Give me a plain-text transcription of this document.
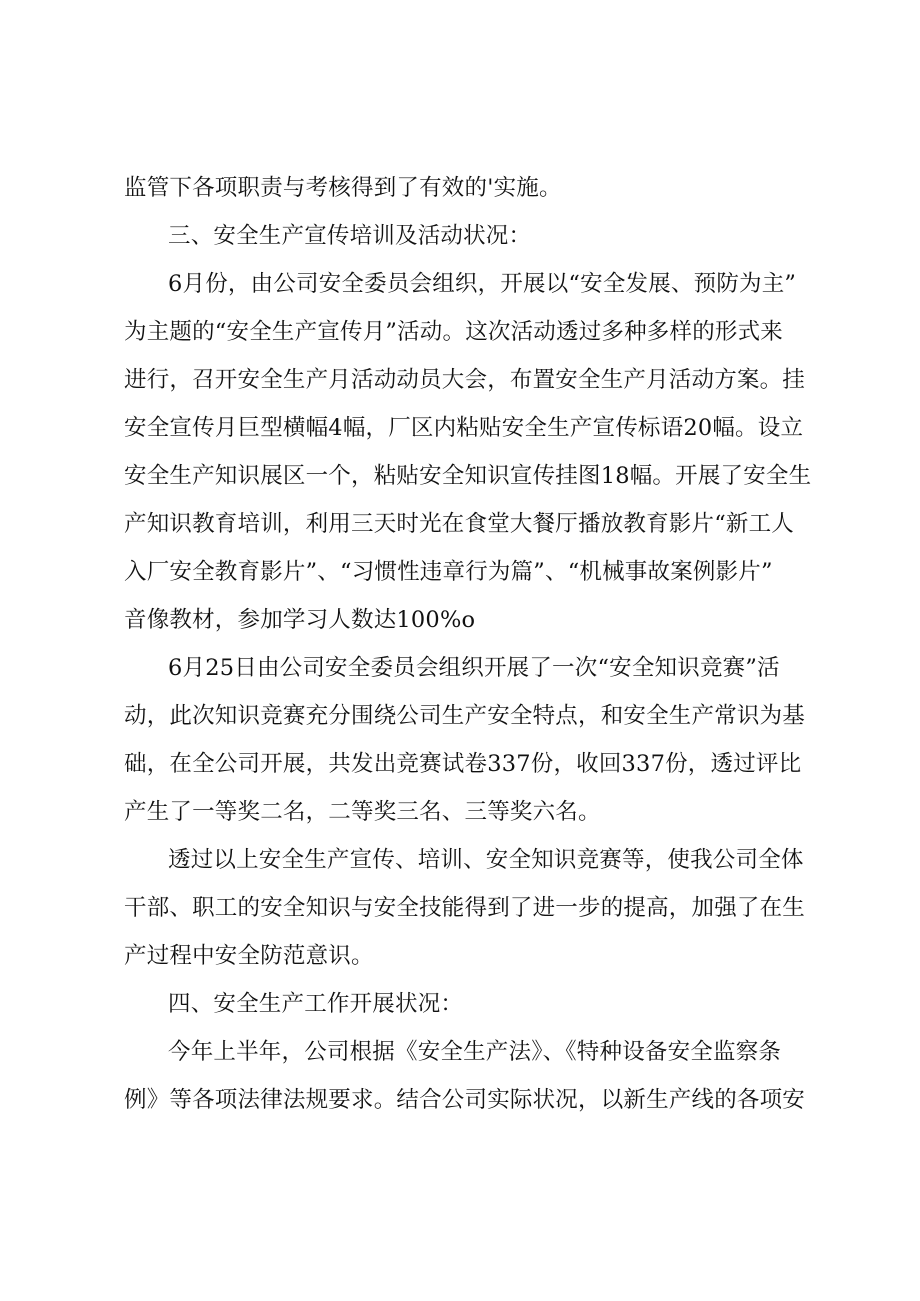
监管下各项职责与考核得到了有效的'实施。
三、安全生产宣传培训及活动状况：
6月份，由公司安全委员会组织，开展以“安全发展、预防为主”
为主题的“安全生产宣传月”活动。这次活动透过多种多样的形式来
进行，召开安全生产月活动动员大会，布置安全生产月活动方案。挂
安全宣传月巨型横幅4幅，厂区内粘贴安全生产宣传标语20幅。设立
安全生产知识展区一个，粘贴安全知识宣传挂图18幅。开展了安全生
产知识教育培训，利用三天时光在食堂大餐厅播放教育影片“新工人
入厂安全教育影片”、“习惯性违章行为篇”、“机械事故案例影片”
音像教材，参加学习人数达100%o
6月25日由公司安全委员会组织开展了一次“安全知识竞赛”活
动，此次知识竞赛充分围绕公司生产安全特点，和安全生产常识为基
础，在全公司开展，共发出竞赛试卷337份，收回337份，透过评比
产生了一等奖二名，二等奖三名、三等奖六名。
透过以上安全生产宣传、培训、安全知识竞赛等，使我公司全体
干部、职工的安全知识与安全技能得到了进一步的提高，加强了在生
产过程中安全防范意识。
四、安全生产工作开展状况：
今年上半年，公司根据《安全生产法》、《特种设备安全监察条
例》等各项法律法规要求。结合公司实际状况，以新生产线的各项安
